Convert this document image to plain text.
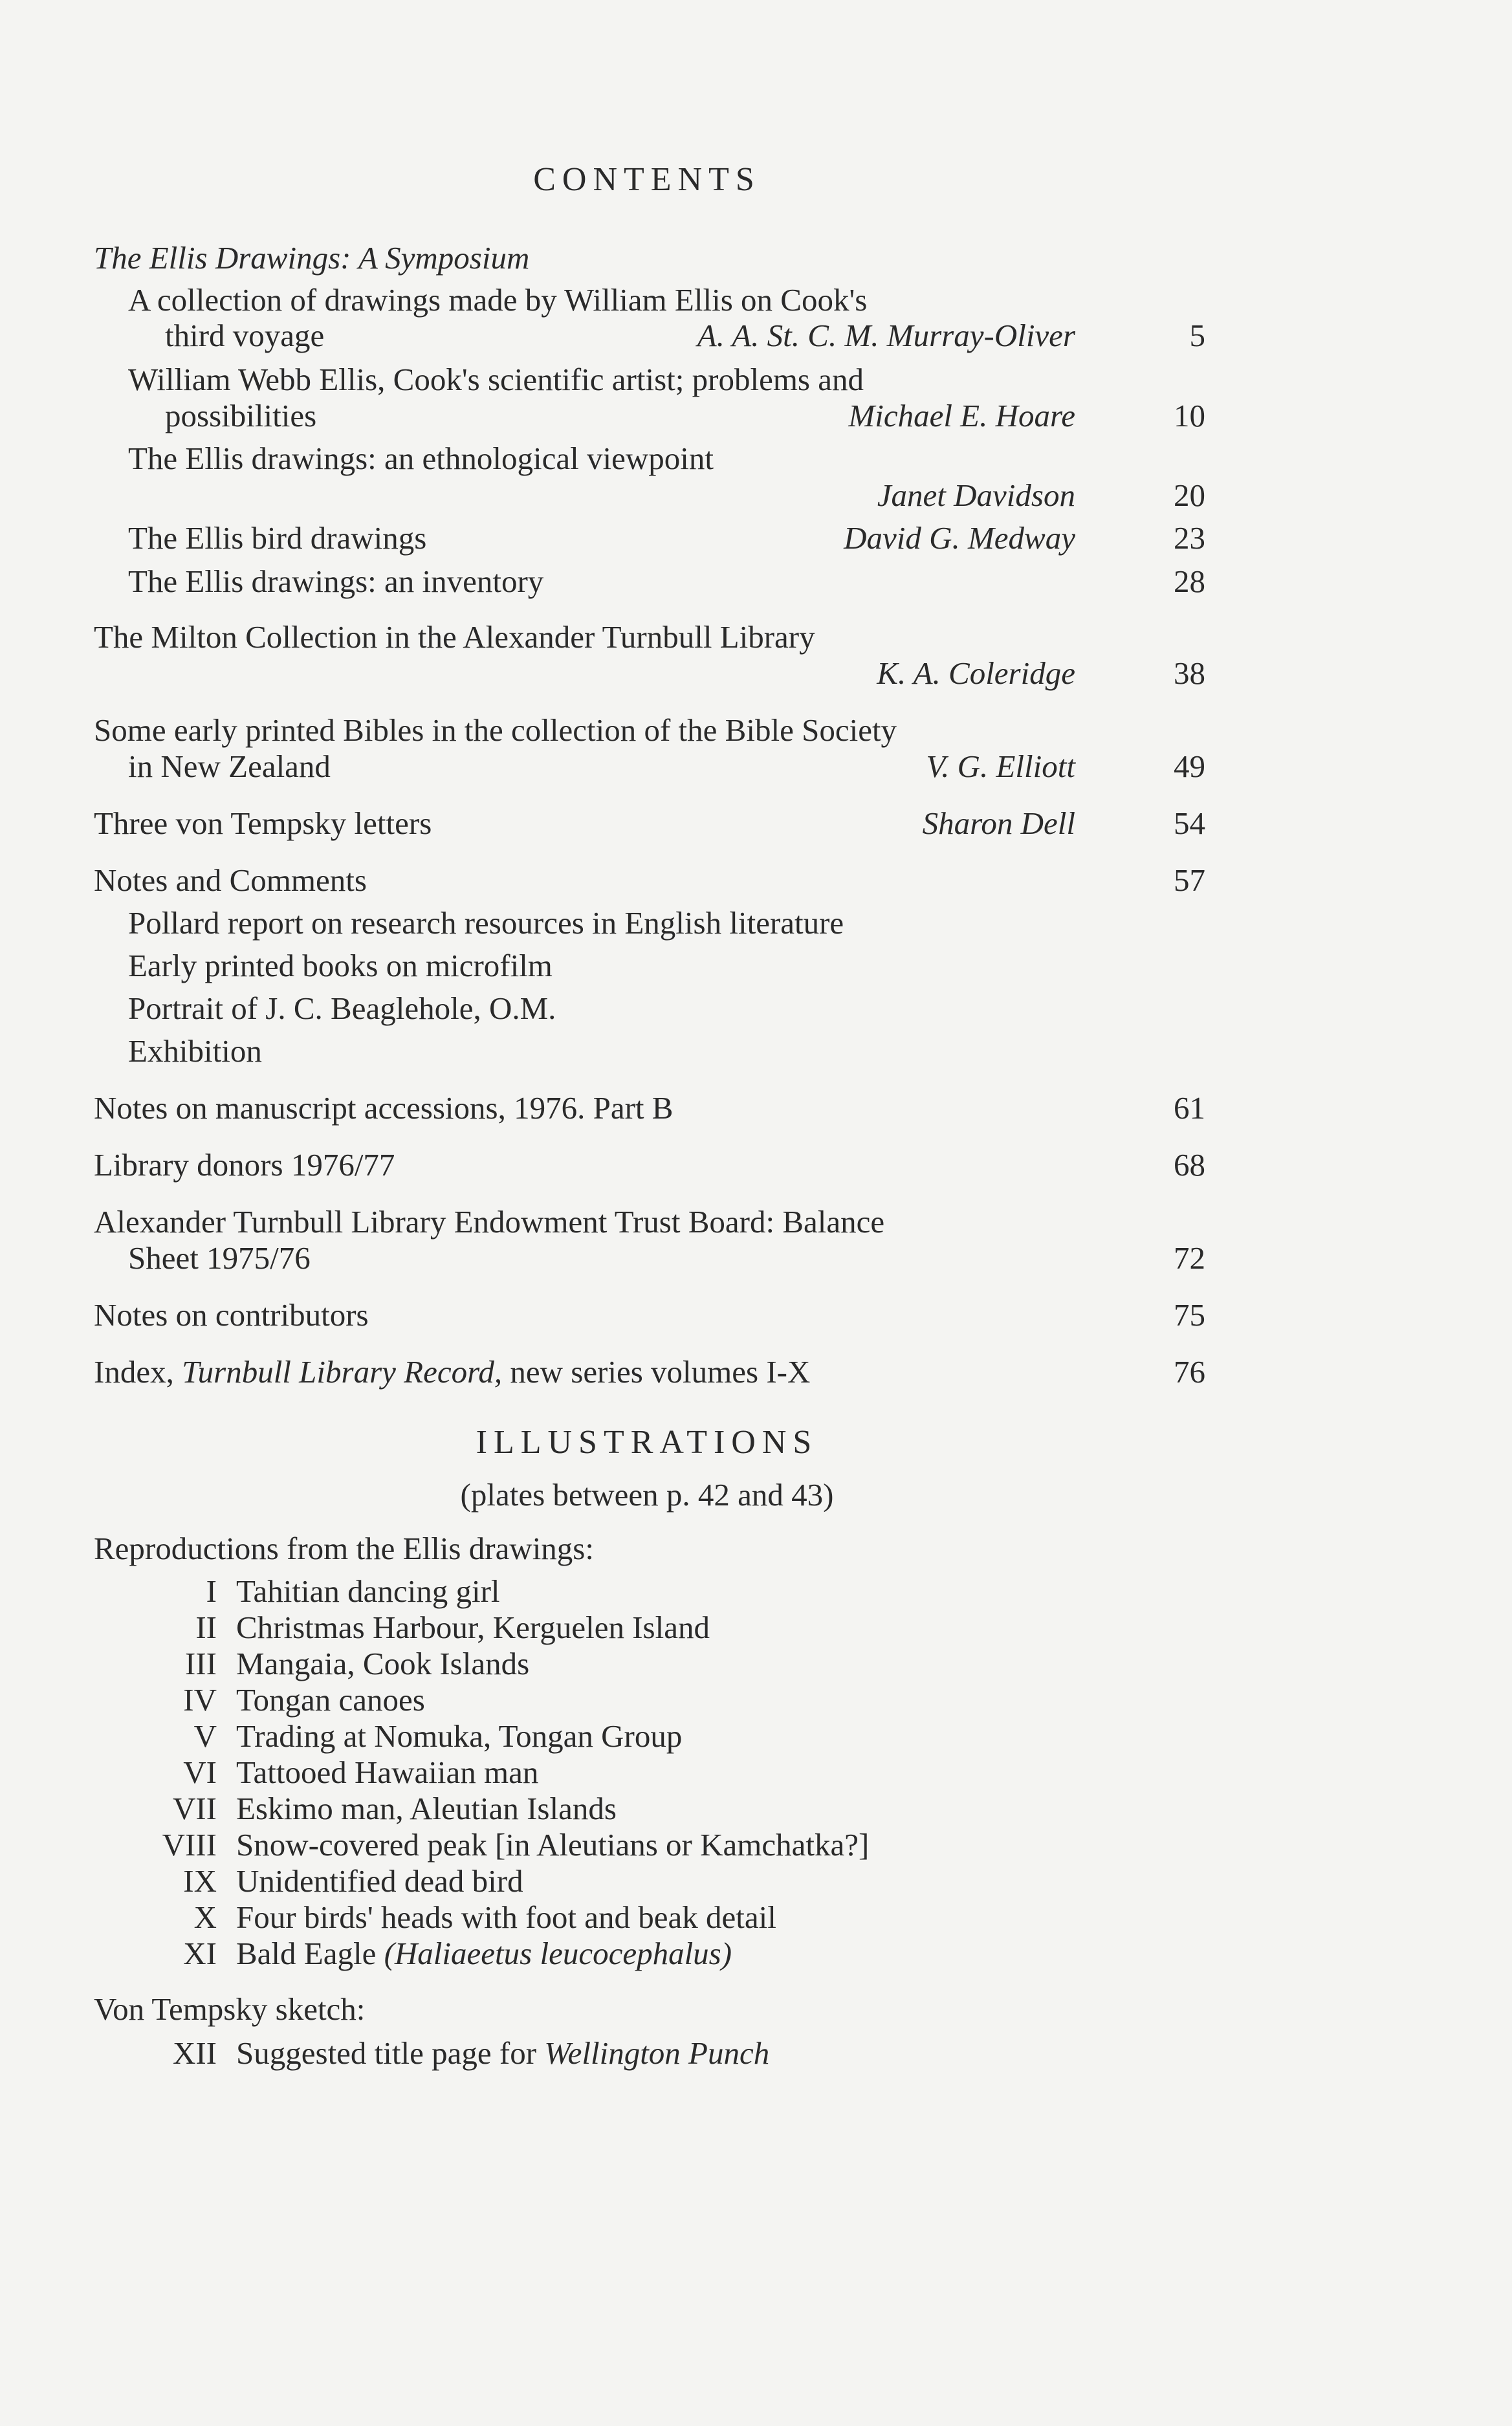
CONTENTS
The Ellis Drawings: A Symposium
A collection of drawings made by William Ellis on Cook's
third voyage	A. A. St. C. M. Murray-Oliver	5
William Webb Ellis, Cook's scientific artist; problems and
possibilities	Michael E. Hoare	10
The Ellis drawings: an ethnological viewpoint
Janet Davidson	20
The Ellis bird drawings	David G. Medway	23
The Ellis drawings: an inventory	28
The Milton Collection in the Alexander Turnbull Library
K. A. Coleridge	38
Some early printed Bibles in the collection of the Bible Society
in New Zealand	V. G. Elliott	49
Three von Tempsky letters	Sharon Dell	54
Notes and Comments	57
Pollard report on research resources in English literature
Early printed books on microfilm
Portrait of J. C. Beaglehole, O.M.
Exhibition
Notes on manuscript accessions, 1976. Part B	61
Library donors 1976/77	68
Alexander Turnbull Library Endowment Trust Board: Balance
Sheet 1975/76	72
Notes on contributors	75
Index, Turnbull Library Record, new series volumes I-X	76
ILLUSTRATIONS
(plates between p. 42 and 43)
Reproductions from the Ellis drawings:
I Tahitian dancing girl
II Christmas Harbour, Kerguelen Island
III Mangaia, Cook Islands
IV Tongan canoes
V Trading at Nomuka, Tongan Group
VI Tattooed Hawaiian man
VII Eskimo man, Aleutian Islands
VIII Snow-covered peak [in Aleutians or Kamchatka?]
IX Unidentified dead bird
X Four birds' heads with foot and beak detail
XI Bald Eagle (Haliaeetus leucocephalus)
Von Tempsky sketch:
XII Suggested title page for Wellington Punch
